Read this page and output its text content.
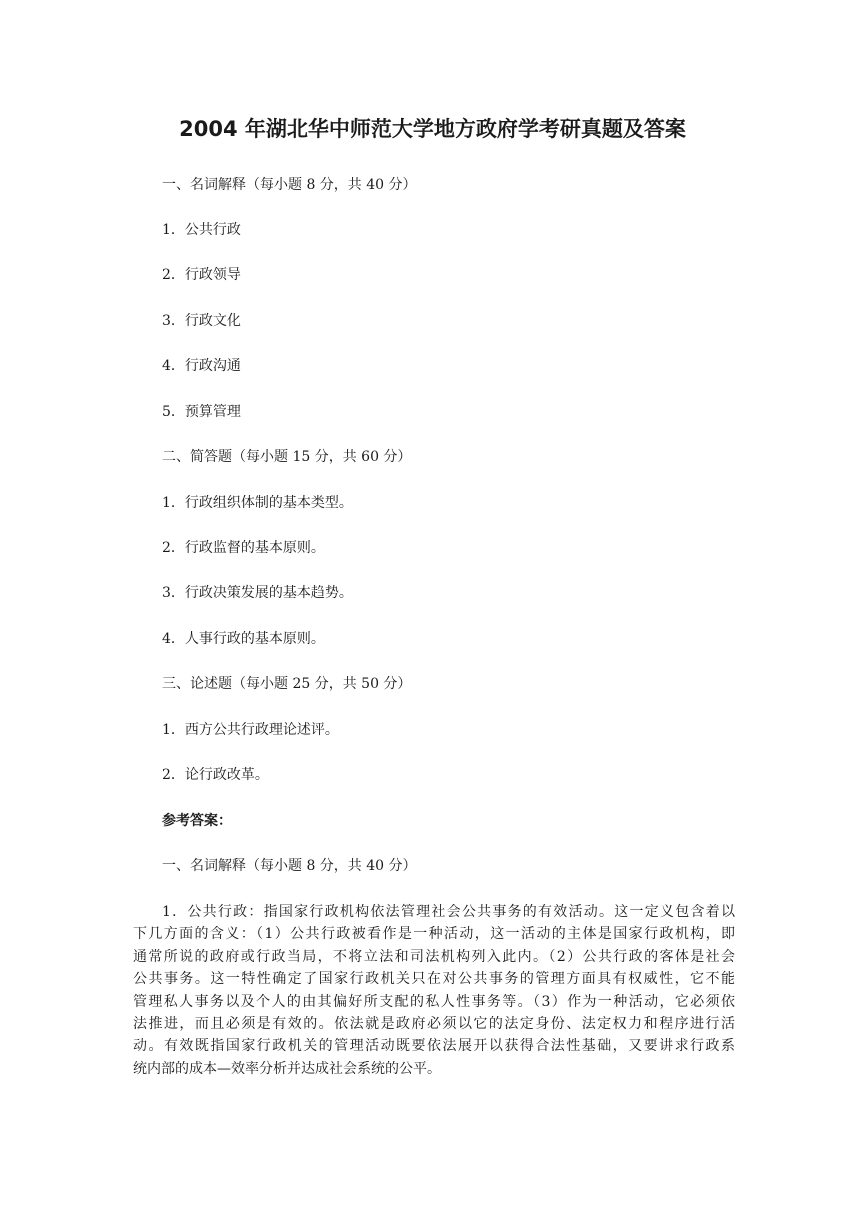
2004 年湖北华中师范大学地方政府学考研真题及答案

一、名词解释（每小题 8 分，共 40 分）

1．公共行政

2．行政领导

3．行政文化

4．行政沟通

5．预算管理

二、简答题（每小题 15 分，共 60 分）

1．行政组织体制的基本类型。

2．行政监督的基本原则。

3．行政决策发展的基本趋势。

4．人事行政的基本原则。

三、论述题（每小题 25 分，共 50 分）

1．西方公共行政理论述评。

2．论行政改革。

参考答案：

一、名词解释（每小题 8 分，共 40 分）

1．公共行政：指国家行政机构依法管理社会公共事务的有效活动。这一定义包含着以
下几方面的含义：（1）公共行政被看作是一种活动，这一活动的主体是国家行政机构，即
通常所说的政府或行政当局，不将立法和司法机构列入此内。（2）公共行政的客体是社会
公共事务。这一特性确定了国家行政机关只在对公共事务的管理方面具有权威性，它不能
管理私人事务以及个人的由其偏好所支配的私人性事务等。（3）作为一种活动，它必须依
法推进，而且必须是有效的。依法就是政府必须以它的法定身份、法定权力和程序进行活
动。有效既指国家行政机关的管理活动既要依法展开以获得合法性基础，又要讲求行政系
统内部的成本—效率分析并达成社会系统的公平。
